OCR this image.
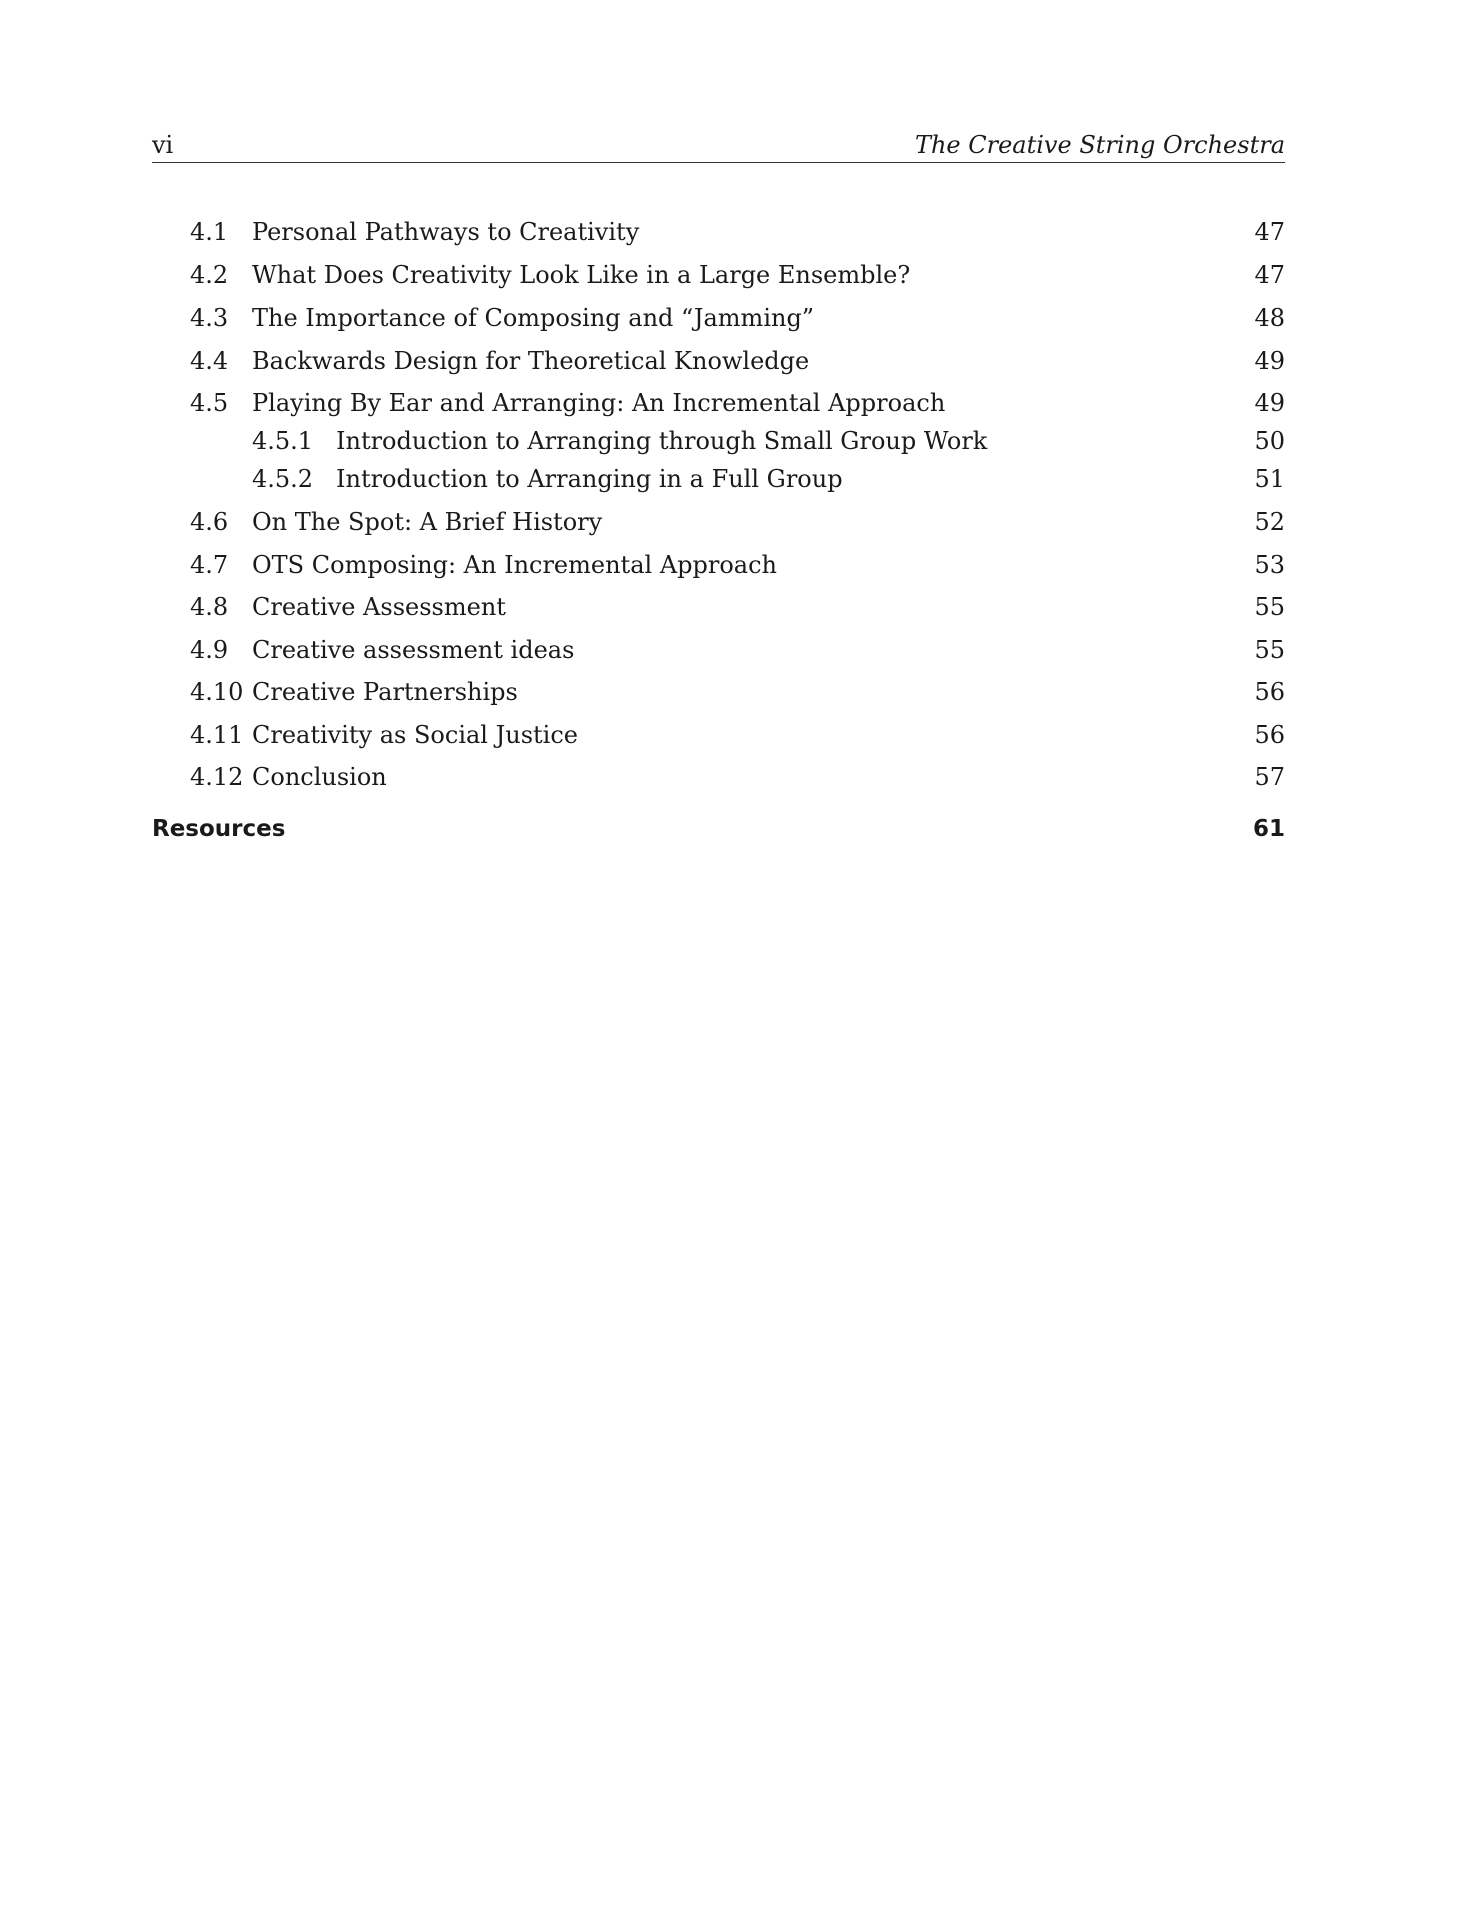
vi	The Creative String Orchestra
4.1 Personal Pathways to Creativity	47
4.2 What Does Creativity Look Like in a Large Ensemble?	47
4.3 The Importance of Composing and “Jamming”	48
4.4 Backwards Design for Theoretical Knowledge	49
4.5 Playing By Ear and Arranging: An Incremental Approach	49
4.5.1 Introduction to Arranging through Small Group Work	50
4.5.2 Introduction to Arranging in a Full Group	51
4.6 On The Spot: A Brief History	52
4.7 OTS Composing: An Incremental Approach	53
4.8 Creative Assessment	55
4.9 Creative assessment ideas	55
4.10 Creative Partnerships	56
4.11 Creativity as Social Justice	56
4.12 Conclusion	57
Resources	61
